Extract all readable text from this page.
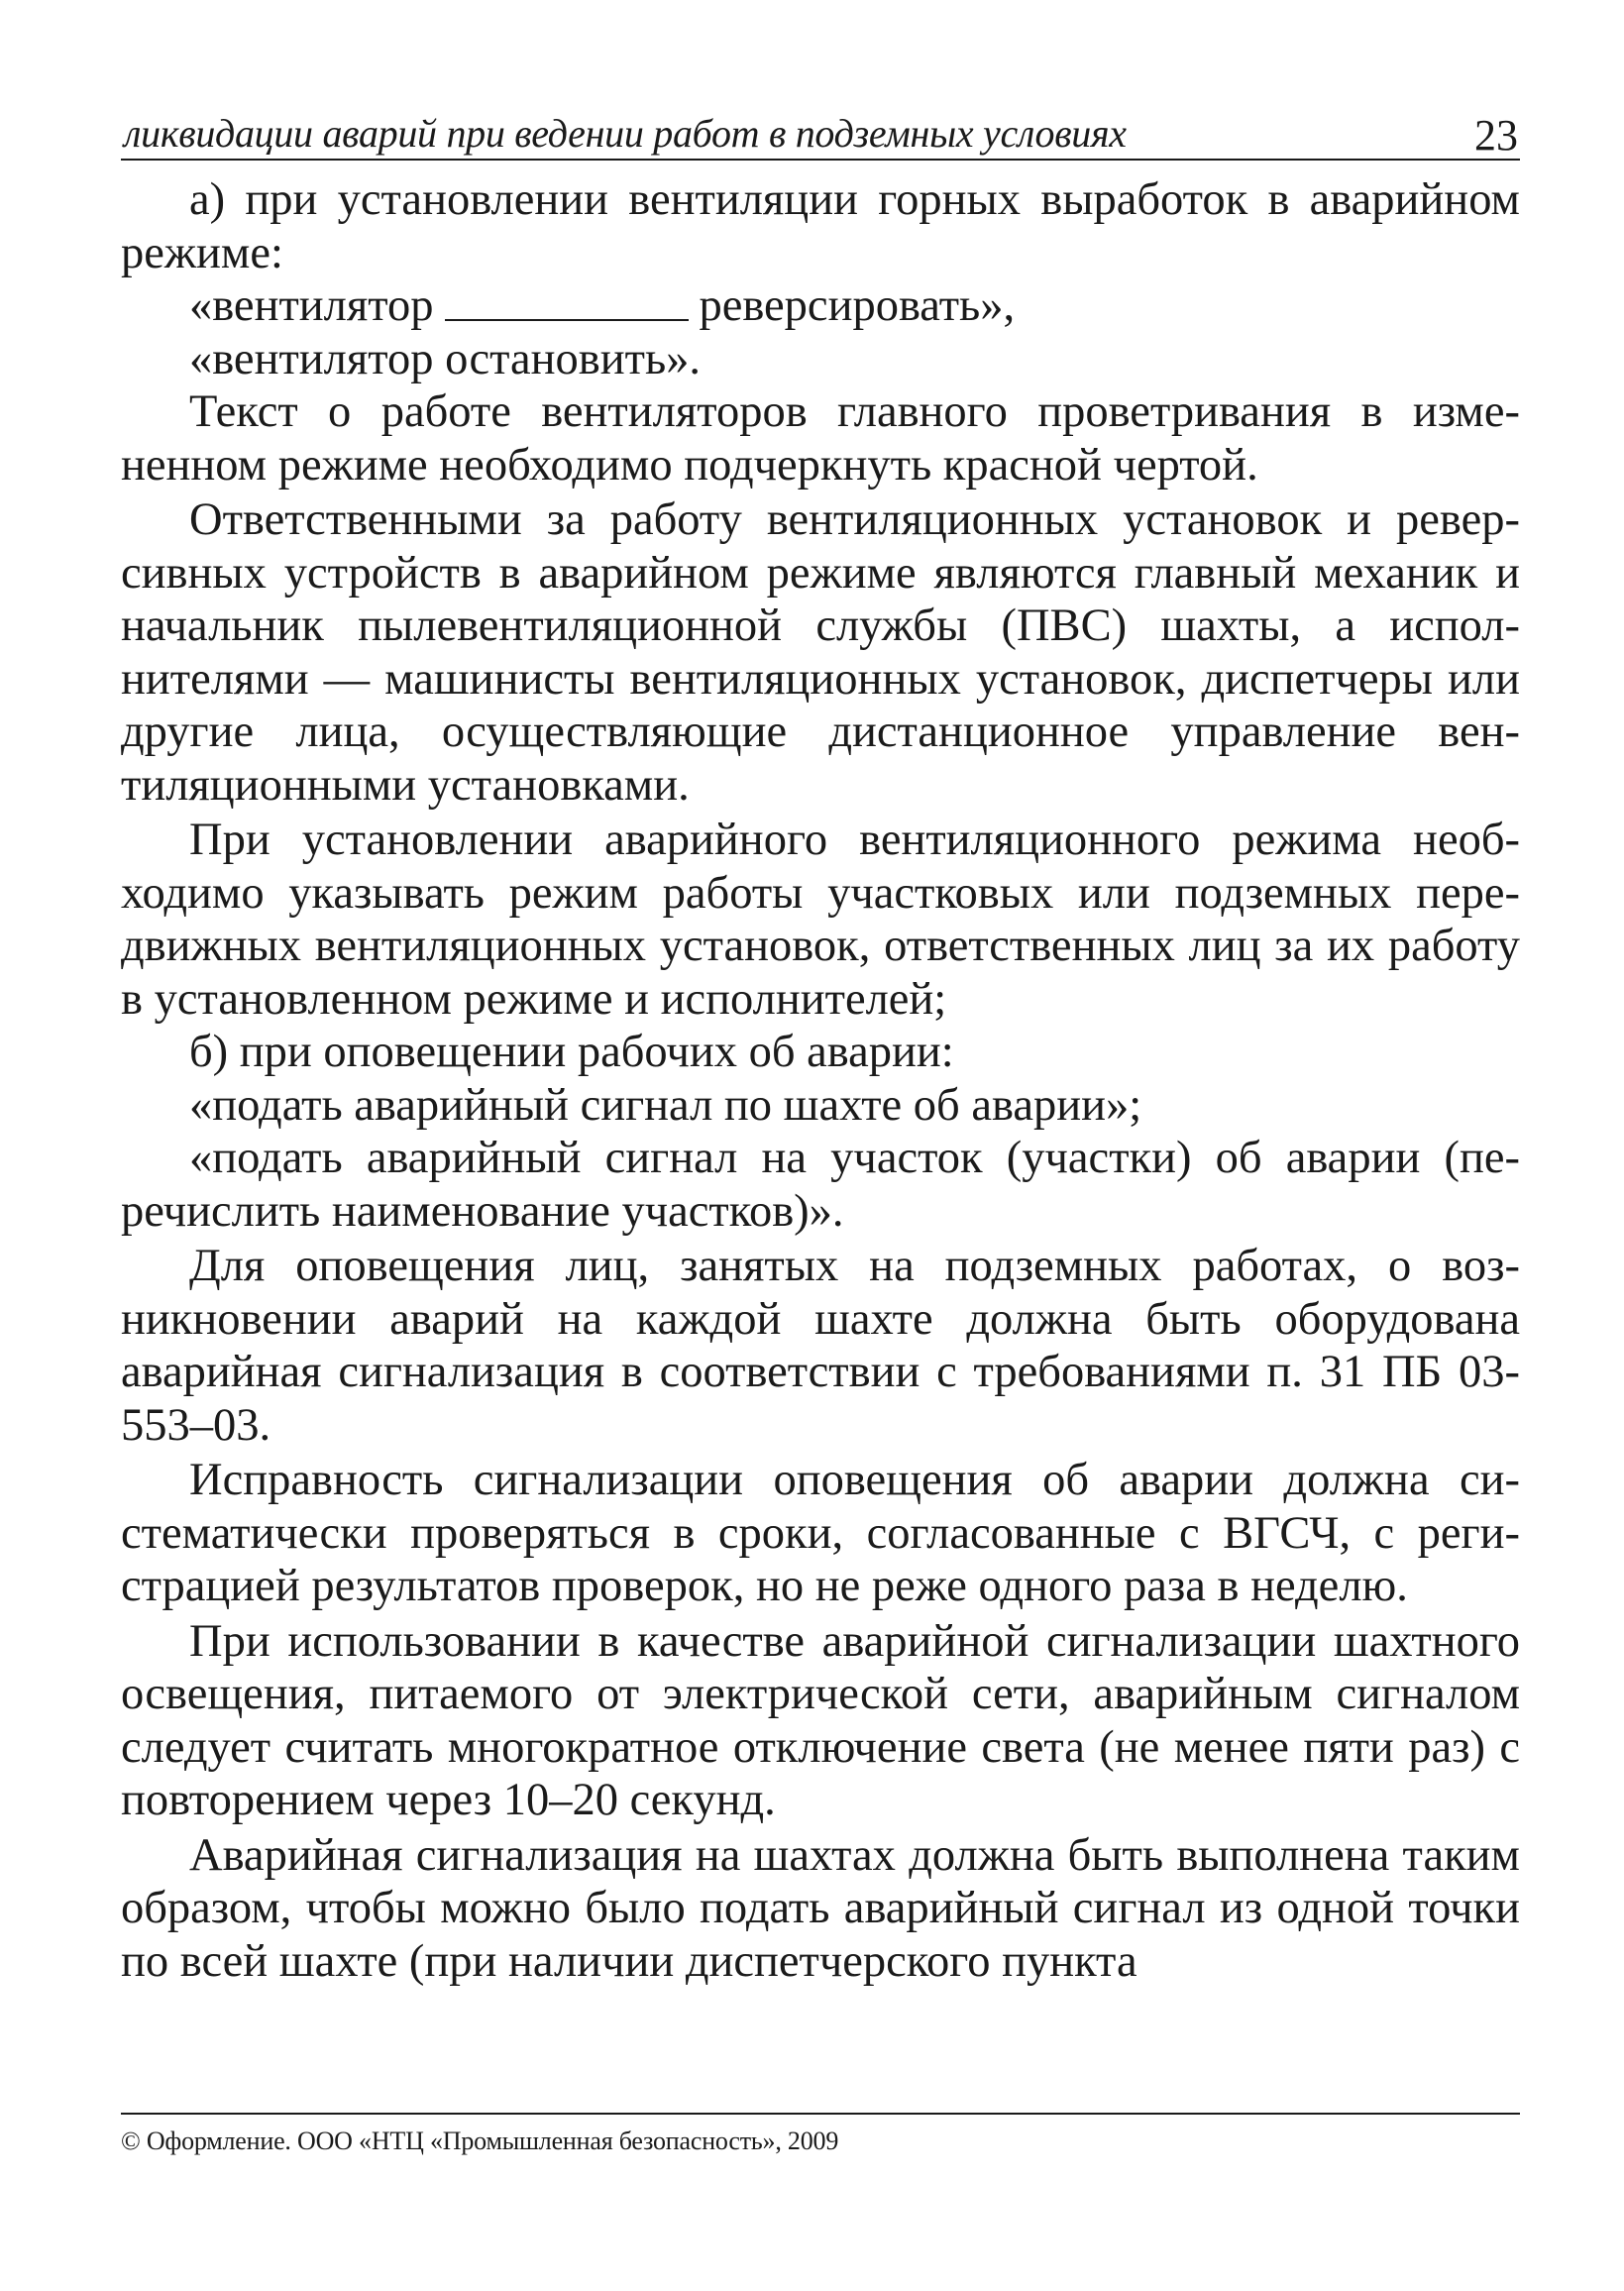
ликвидации аварий при ведении работ в подземных условиях	23

а) при установлении вентиляции горных выработок в аварийном режиме:

«вентилятор	реверсировать»,

«вентилятор остановить».

Текст о работе вентиляторов главного проветривания в измененном режиме необходимо подчеркнуть красной чертой.

Ответственными за работу вентиляционных установок и реверсивных устройств в аварийном режиме являются главный механик и начальник пылевентиляционной службы (ПВС) шахты, а исполнителями — машинисты вентиляционных установок, диспетчеры или другие лица, осуществляющие дистанционное управление вентиляционными установками.

При установлении аварийного вентиляционного режима необходимо указывать режим работы участковых или подземных передвижных вентиляционных установок, ответственных лиц за их работу в установленном режиме и исполнителей;

б) при оповещении рабочих об аварии:

«подать аварийный сигнал по шахте об аварии»;

«подать аварийный сигнал на участок (участки) об аварии (перечислить наименование участков)».

Для оповещения лиц, занятых на подземных работах, о возникновении аварий на каждой шахте должна быть оборудована аварийная сигнализация в соответствии с требованиями п. 31 ПБ 03-553–03.

Исправность сигнализации оповещения об аварии должна систематически проверяться в сроки, согласованные с ВГСЧ, с регистрацией результатов проверок, но не реже одного раза в неделю.

При использовании в качестве аварийной сигнализации шахтного освещения, питаемого от электрической сети, аварийным сигналом следует считать многократное отключение света (не менее пяти раз) с повторением через 10–20 секунд.

Аварийная сигнализация на шахтах должна быть выполнена таким образом, чтобы можно было подать аварийный сигнал из одной точки по всей шахте (при наличии диспетчерского пункта

© Оформление. ООО «НТЦ «Промышленная безопасность», 2009
